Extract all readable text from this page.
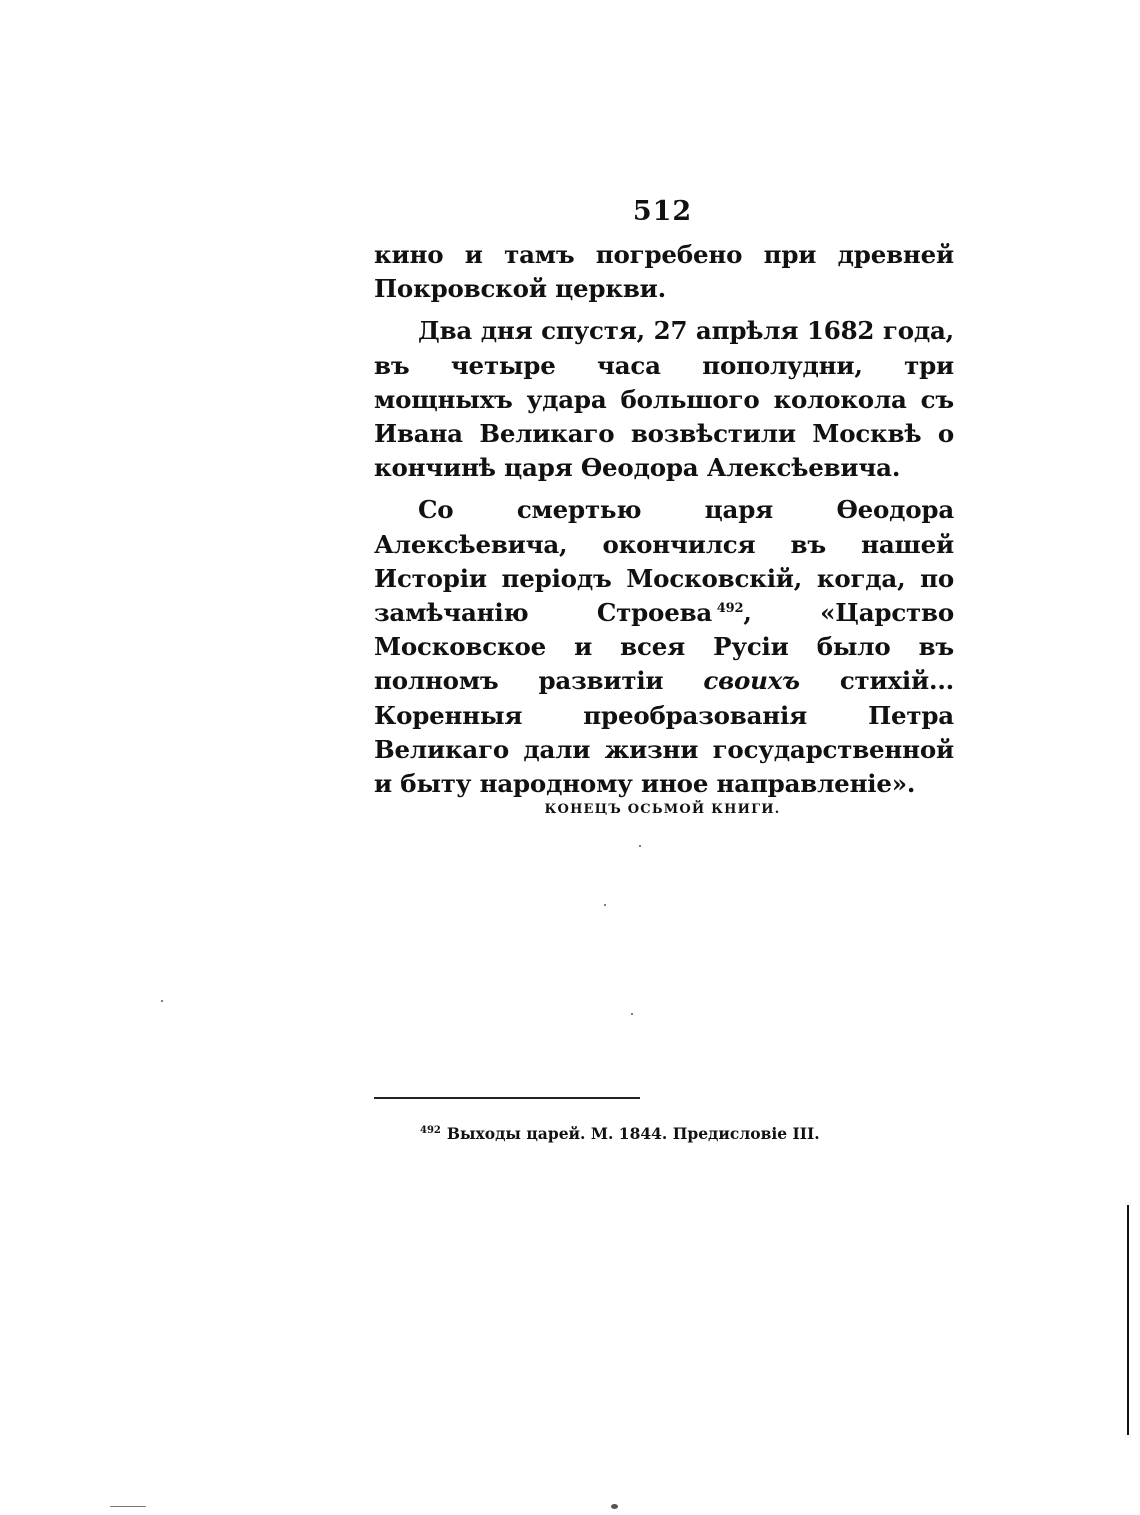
512

кино и тамъ погребено при древней Покровской церкви.

Два дня спустя, 27 апрѣля 1682 года, въ четыре часа пополудни, три мощныхъ удара большого колокола съ Ивана Великаго возвѣстили Москвѣ о кончинѣ царя Өеодора Алексѣевича.

Со смертью царя Өеодора Алексѣевича, окончился въ нашей Исторіи періодъ Московскій, когда, по замѣчанію Строева  $^{492}$, «Царство Московское и всея Русіи было въ полномъ развитіи своихъ стихій... Коренныя преобразованія Петра Великаго дали жизни государственной и быту народному иное направленіе».

КОНЕЦЪ ОСЬМОЙ КНИГИ.
$^{492}$ Выходы царей. М. 1844. Предисловіе III.
